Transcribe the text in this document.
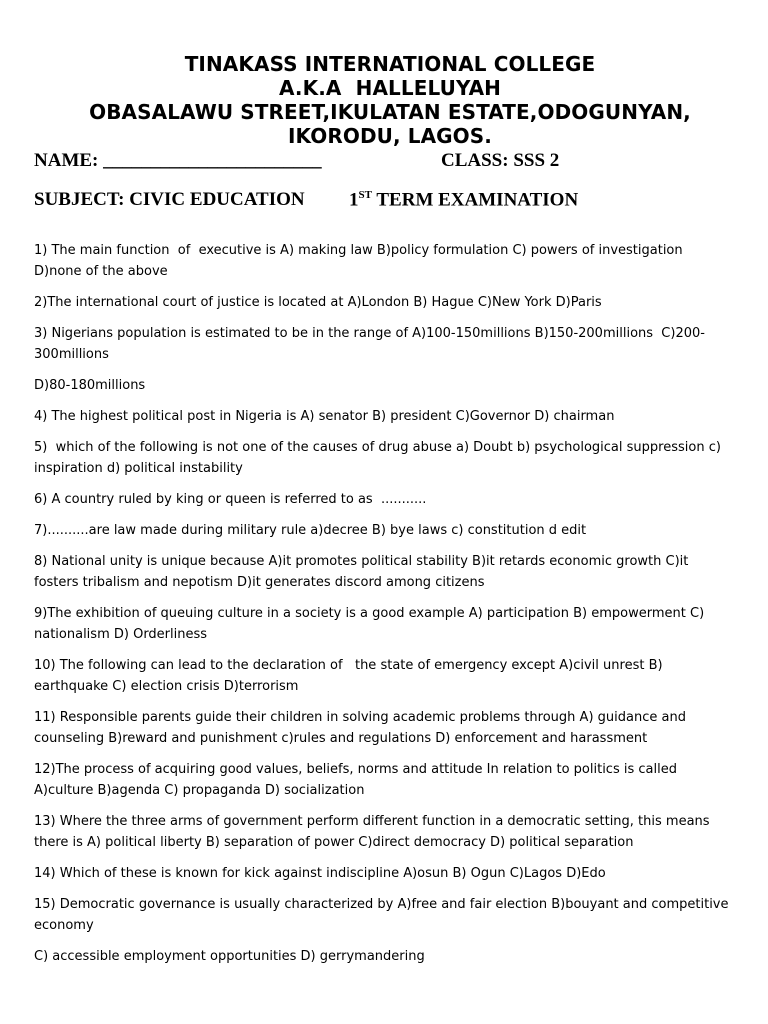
TINAKASS INTERNATIONAL COLLEGE
A.K.A  HALLELUYAH
OBASALAWU STREET,IKULATAN ESTATE,ODOGUNYAN,
IKORODU, LAGOS.
NAME: _______________________	CLASS: SSS 2
SUBJECT: CIVIC EDUCATION 1ST TERM EXAMINATION

1) The main function  of  executive is A) making law B)policy formulation C) powers of investigation D)none of the above

2)The international court of justice is located at A)London B) Hague C)New York D)Paris

3) Nigerians population is estimated to be in the range of A)100-150millions B)150-200millions  C)200-300millions

D)80-180millions

4) The highest political post in Nigeria is A) senator B) president C)Governor D) chairman

5)  which of the following is not one of the causes of drug abuse a) Doubt b) psychological suppression c) inspiration d) political instability

6) A country ruled by king or queen is referred to as  ...........

7)..........are law made during military rule a)decree B) bye laws c) constitution d edit

8) National unity is unique because A)it promotes political stability B)it retards economic growth C)it fosters tribalism and nepotism D)it generates discord among citizens

9)The exhibition of queuing culture in a society is a good example A) participation B) empowerment C) nationalism D) Orderliness

10) The following can lead to the declaration of   the state of emergency except A)civil unrest B) earthquake C) election crisis D)terrorism

11) Responsible parents guide their children in solving academic problems through A) guidance and counseling B)reward and punishment c)rules and regulations D) enforcement and harassment

12)The process of acquiring good values, beliefs, norms and attitude In relation to politics is called A)culture B)agenda C) propaganda D) socialization

13) Where the three arms of government perform different function in a democratic setting, this means there is A) political liberty B) separation of power C)direct democracy D) political separation

14) Which of these is known for kick against indiscipline A)osun B) Ogun C)Lagos D)Edo

15) Democratic governance is usually characterized by A)free and fair election B)bouyant and competitive economy

C) accessible employment opportunities D) gerrymandering
